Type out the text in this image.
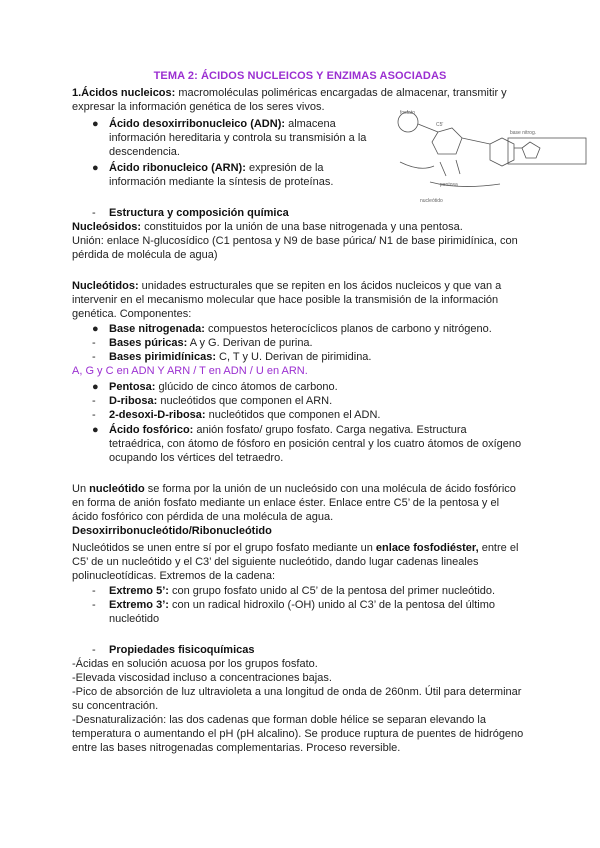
TEMA 2: ÁCIDOS NUCLEICOS Y ENZIMAS ASOCIADAS
1.Ácidos nucleicos: macromoléculas poliméricas encargadas de almacenar, transmitir y
expresar la información genética de los seres vivos.
● Ácido desoxirribonucleico (ADN): almacena
información hereditaria y controla su transmisión a la
descendencia.
● Ácido ribonucleico (ARN): expresión de la
información mediante la síntesis de proteínas.
fosfato
C5'
base nitrog.
pentosa
nucleótido
- Estructura y composición química
Nucleósidos: constituidos por la unión de una base nitrogenada y una pentosa.
Unión: enlace N-glucosídico (C1 pentosa y N9 de base púrica/ N1 de base pirimidínica, con
pérdida de molécula de agua)
Nucleótidos: unidades estructurales que se repiten en los ácidos nucleicos y que van a
intervenir en el mecanismo molecular que hace posible la transmisión de la información
genética. Componentes:
● Base nitrogenada: compuestos heterocíclicos planos de carbono y nitrógeno.
- Bases púricas: A y G. Derivan de purina.
- Bases pirimidínicas: C, T y U. Derivan de pirimidina.
A, G y C en ADN Y ARN / T en ADN / U en ARN.
● Pentosa: glúcido de cinco átomos de carbono.
- D-ribosa: nucleótidos que componen el ARN.
- 2-desoxi-D-ribosa: nucleótidos que componen el ADN.
● Ácido fosfórico: anión fosfato/ grupo fosfato. Carga negativa. Estructura
tetraédrica, con átomo de fósforo en posición central y los cuatro átomos de oxígeno
ocupando los vértices del tetraedro.
Un nucleótido se forma por la unión de un nucleósido con una molécula de ácido fosfórico
en forma de anión fosfato mediante un enlace éster. Enlace entre C5’ de la pentosa y el
ácido fosfórico con pérdida de una molécula de agua.
Desoxirribonucleótido/Ribonucleótido
Nucleótidos se unen entre sí por el grupo fosfato mediante un enlace fosfodiéster, entre el
C5’ de un nucleótido y el C3’ del siguiente nucleótido, dando lugar cadenas lineales
polinucleotídicas. Extremos de la cadena:
- Extremo 5’: con grupo fosfato unido al C5’ de la pentosa del primer nucleótido.
- Extremo 3’: con un radical hidroxilo (-OH) unido al C3’ de la pentosa del último
nucleótido
- Propiedades fisicoquímicas
-Ácidas en solución acuosa por los grupos fosfato.
-Elevada viscosidad incluso a concentraciones bajas.
-Pico de absorción de luz ultravioleta a una longitud de onda de 260nm. Útil para determinar
su concentración.
-Desnaturalización: las dos cadenas que forman doble hélice se separan elevando la
temperatura o aumentando el pH (pH alcalino). Se produce ruptura de puentes de hidrógeno
entre las bases nitrogenadas complementarias. Proceso reversible.
